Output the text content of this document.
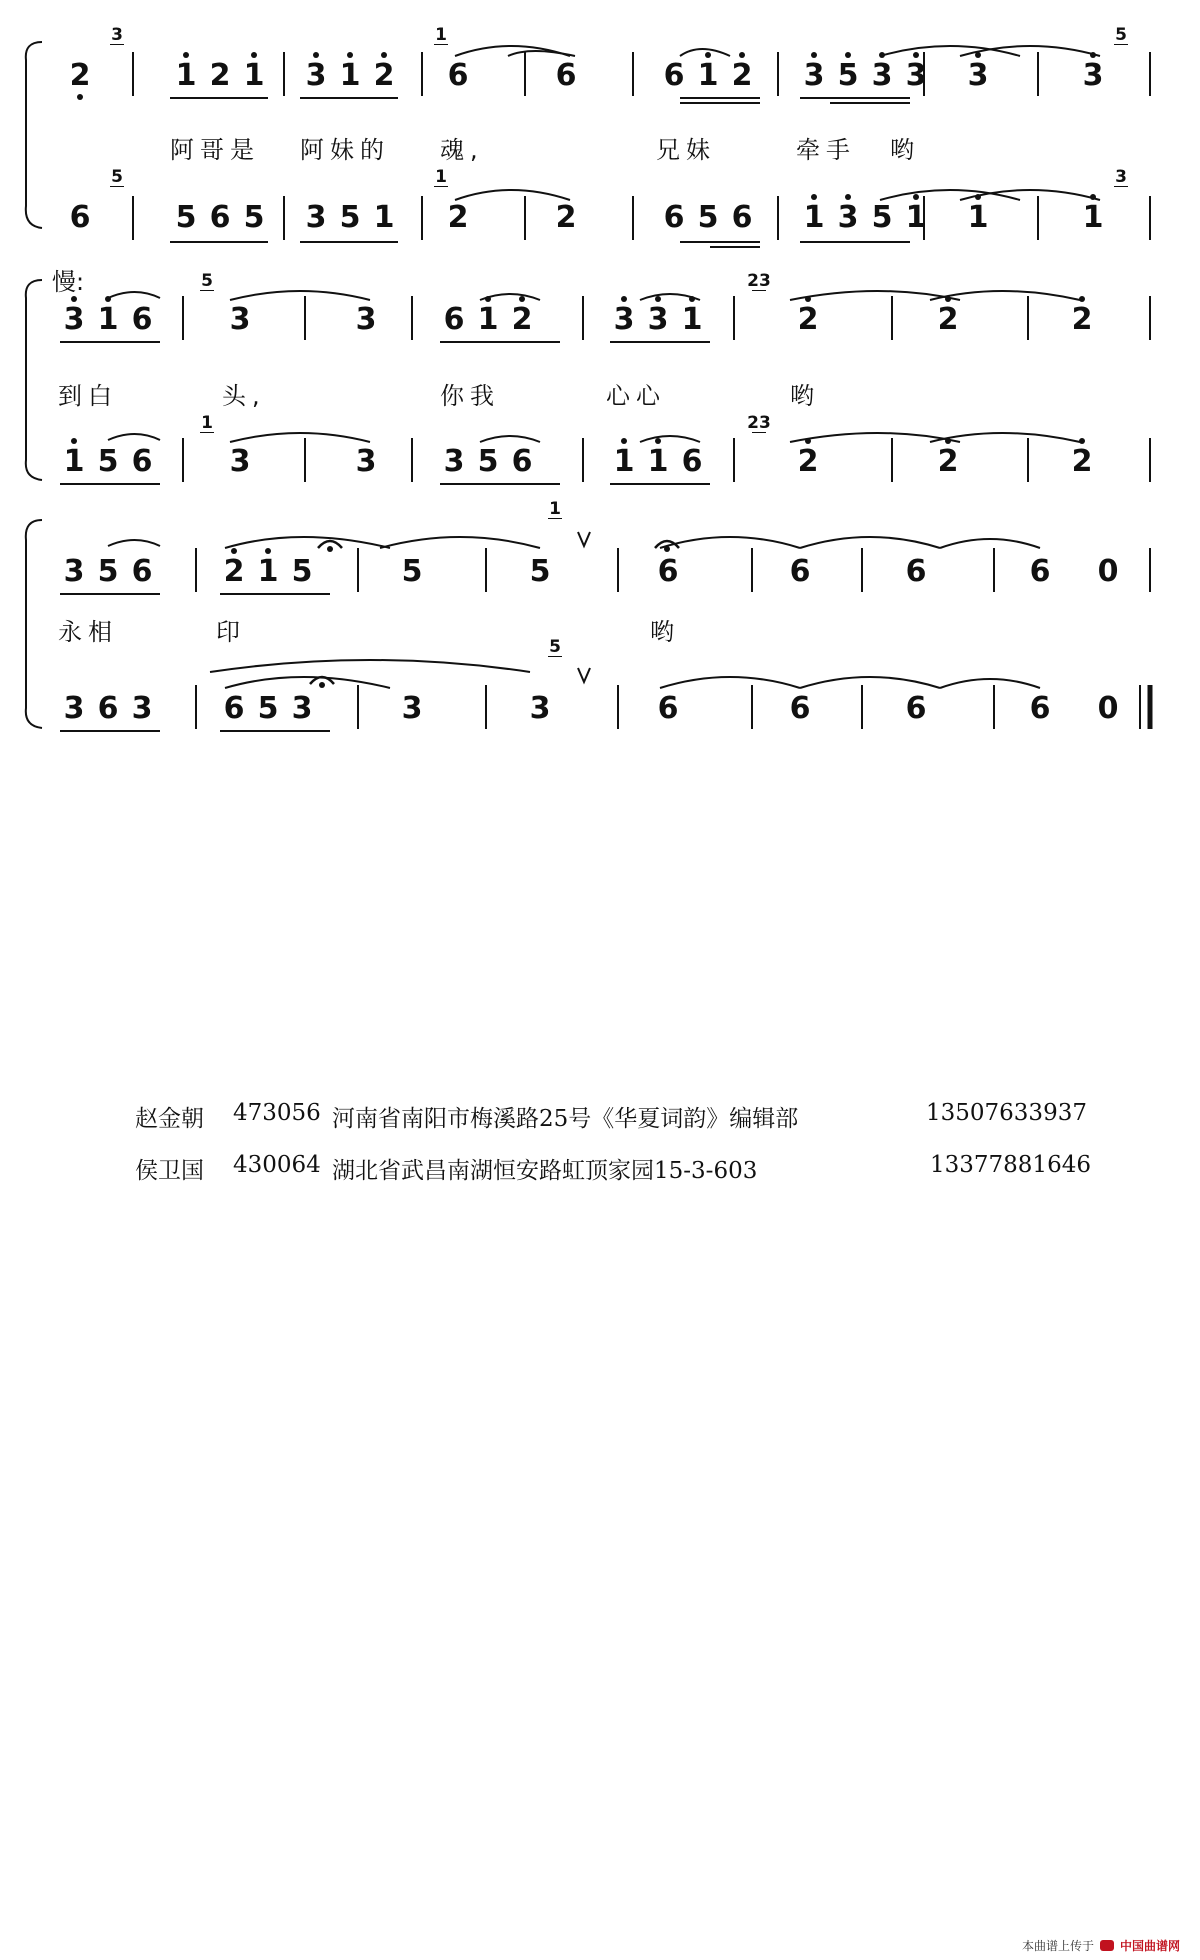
2	1 2 1 3 1 2 6	6	6 1 2 3 5 3 3 3	3
6	5 6 5 3 5 1 2	2	6 5 6 1 3 5 1 1	1
3 1 6	3	3 6 1 2	3 3 1	2	2	2
1 5 6	3	3 3 5 6	1 1 6	2	2	2
3 5 6 2 1 5	5	5	6	6	6	6 0
3 6 3 6 5 3	3	3	6	6	6	6 0
3	1	5
5	1	3
5
1
23
23
1
5
慢:
阿哥是 阿妹的 魂,	兄妹	牵手 哟
到白	头,	你我	心心	哟
永相	印	哟
赵金朝 473056 河南省南阳市梅溪路25号《华夏词韵》编辑部	13507633937
侯卫国 430064 湖北省武昌南湖恒安路虹顶家园15-3-603	13377881646
本曲谱上传于 中国曲谱网
